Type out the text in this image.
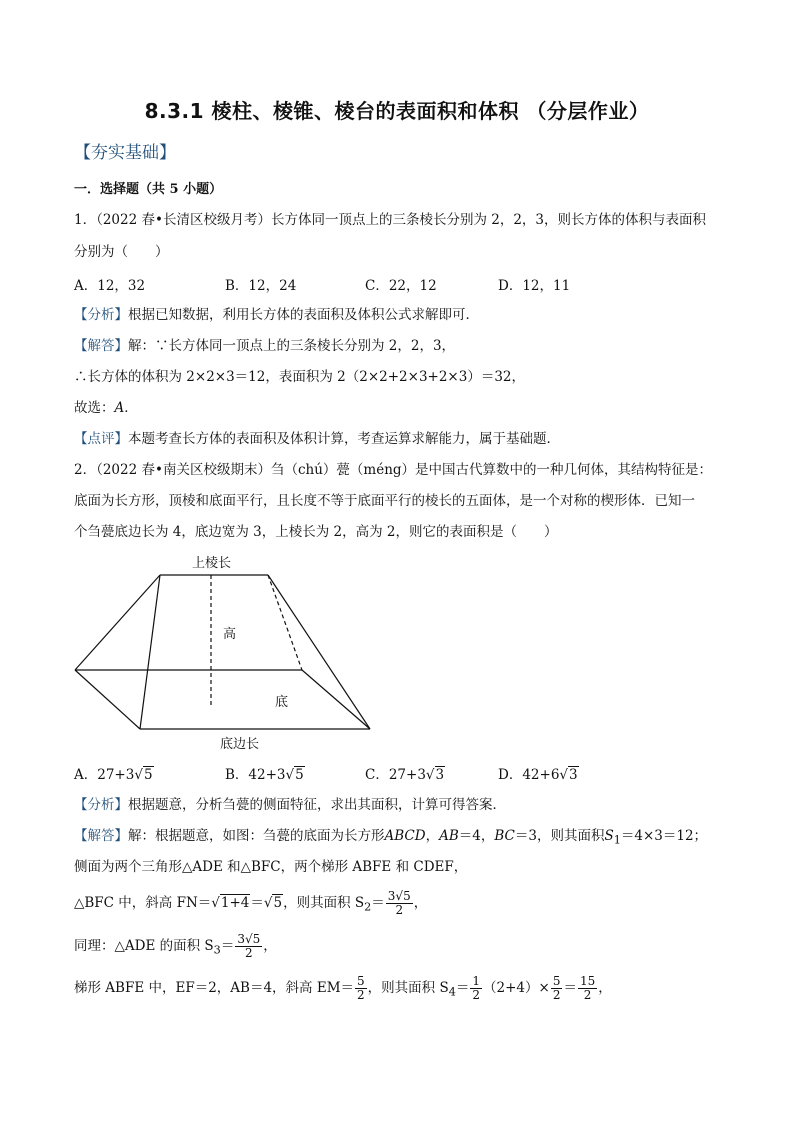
8.3.1 棱柱、棱锥、棱台的表面积和体积 （分层作业）
【夯实基础】
一．选择题（共 5 小题）
1．（2022 春•长清区校级月考）长方体同一顶点上的三条棱长分别为 2，2，3，则长方体的体积与表面积
分别为（　　）
A．12，32	B．12，24	C．22，12	D．12，11
【分析】根据已知数据，利用长方体的表面积及体积公式求解即可．
【解答】解：∵长方体同一顶点上的三条棱长分别为 2，2，3，
∴长方体的体积为 2×2×3＝12，表面积为 2（2×2+2×3+2×3）＝32，
故选：A．
【点评】本题考查长方体的表面积及体积计算，考查运算求解能力，属于基础题．
2．（2022 春•南关区校级期末）刍（chú）甍（méng）是中国古代算数中的一种几何体，其结构特征是：
底面为长方形，顶棱和底面平行，且长度不等于底面平行的棱长的五面体，是一个对称的楔形体．已知一
个刍甍底边长为 4，底边宽为 3，上棱长为 2，高为 2，则它的表面积是（　　）
上棱长
高
底
底边长
A．27+3√5	B．42+3√5	C．27+3√3	D．42+6√3
【分析】根据题意，分析刍甍的侧面特征，求出其面积，计算可得答案．
【解答】解：根据题意，如图：刍甍的底面为长方形ABCD，AB＝4，BC＝3，则其面积$S_1=4\times 3=12$；
侧面为两个三角形△ADE 和△BFC，两个梯形 ABFE 和 CDEF，
△BFC 中，斜高 FN＝√1+4＝√5，则其面积 $S_2= \frac{3√5}{2}$ ，
同理：△ADE 的面积 $S_3= \frac{3√5}{2}$ ，
梯形 ABFE 中，EF＝2，AB＝4，斜高 $EM= \frac{5}{2}$ ，则其面积 $S_4= \frac{1}{2} (2+4)\times \frac{5}{2} = \frac{15}{2}$ ，
